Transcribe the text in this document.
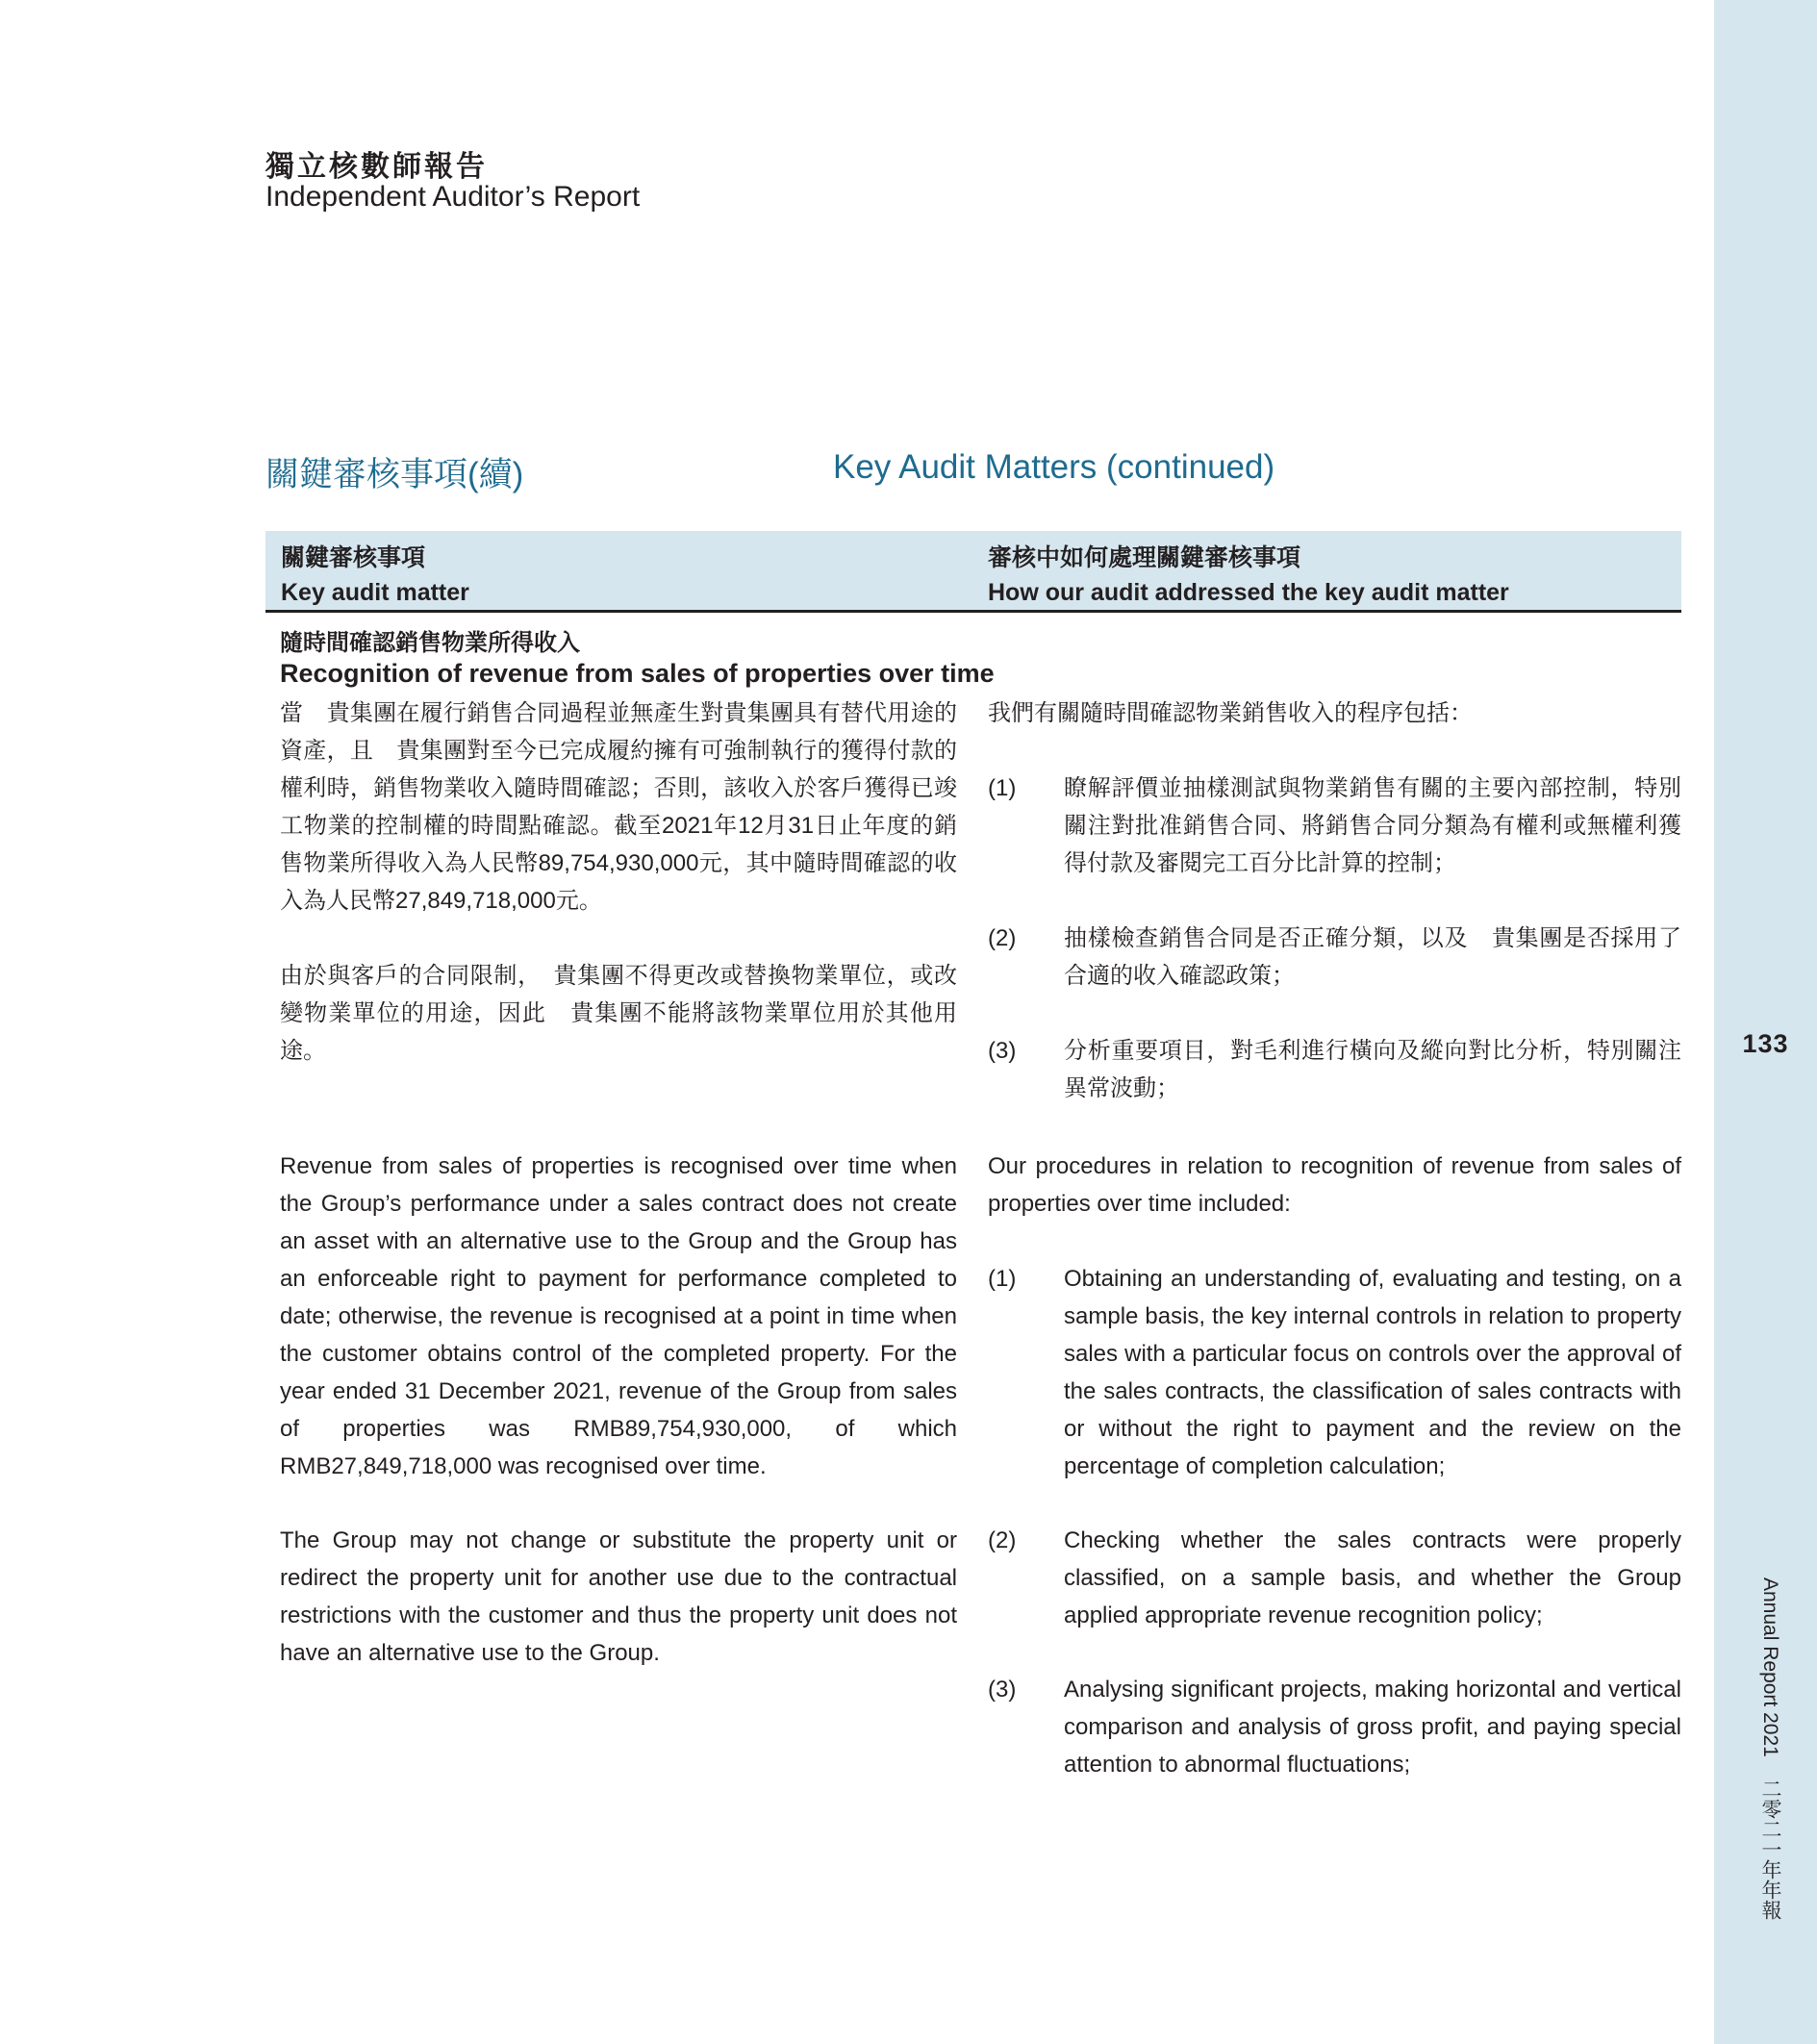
133
Annual Report 2021 二零二一年年報
獨立核數師報告
Independent Auditor’s Report
關鍵審核事項(續)	Key Audit Matters (continued)
關鍵審核事項
Key audit matter
審核中如何處理關鍵審核事項
How our audit addressed the key audit matter
隨時間確認銷售物業所得收入
Recognition of revenue from sales of properties over time

當　貴集團在履行銷售合同過程並無產生對貴集團具有替代用途的資產，且　貴集團對至今已完成履約擁有可強制執行的獲得付款的權利時，銷售物業收入隨時間確認；否則，該收入於客戶獲得已竣工物業的控制權的時間點確認。截至2021年12月31日止年度的銷售物業所得收入為人民幣89,754,930,000元，其中隨時間確認的收入為人民幣27,849,718,000元。

由於與客戶的合同限制，　貴集團不得更改或替換物業單位，或改變物業單位的用途，因此　貴集團不能將該物業單位用於其他用途。

我們有關隨時間確認物業銷售收入的程序包括：
(1) 瞭解評價並抽樣測試與物業銷售有關的主要內部控制，特別關注對批准銷售合同、將銷售合同分類為有權利或無權利獲得付款及審閱完工百分比計算的控制；
(2) 抽樣檢查銷售合同是否正確分類，以及　貴集團是否採用了合適的收入確認政策；
(3) 分析重要項目，對毛利進行橫向及縱向對比分析，特別關注異常波動；

Revenue from sales of properties is recognised over time when the Group’s performance under a sales contract does not create an asset with an alternative use to the Group and the Group has an enforceable right to payment for performance completed to date; otherwise, the revenue is recognised at a point in time when the customer obtains control of the completed property. For the year ended 31 December 2021, revenue of the Group from sales of properties was RMB89,754,930,000, of which RMB27,849,718,000 was recognised over time.

The Group may not change or substitute the property unit or redirect the property unit for another use due to the contractual restrictions with the customer and thus the property unit does not have an alternative use to the Group.

Our procedures in relation to recognition of revenue from sales of properties over time included:
(1) Obtaining an understanding of, evaluating and testing, on a sample basis, the key internal controls in relation to property sales with a particular focus on controls over the approval of the sales contracts, the classification of sales contracts with or without the right to payment and the review on the percentage of completion calculation;
(2) Checking whether the sales contracts were properly classified, on a sample basis, and whether the Group applied appropriate revenue recognition policy;
(3) Analysing significant projects, making horizontal and vertical comparison and analysis of gross profit, and paying special attention to abnormal fluctuations;
